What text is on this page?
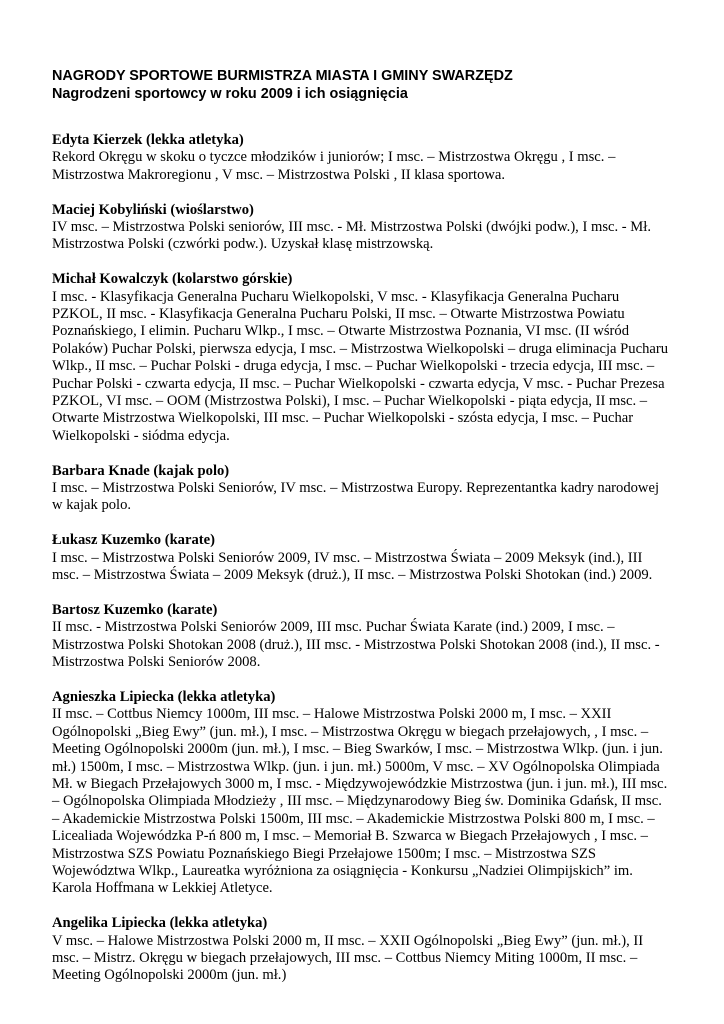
NAGRODY SPORTOWE BURMISTRZA MIASTA I GMINY SWARZĘDZ
Nagrodzeni sportowcy w roku 2009 i ich osiągnięcia
Edyta Kierzek (lekka atletyka)
Rekord Okręgu w skoku o tyczce młodzików i juniorów; I msc. – Mistrzostwa Okręgu , I msc. –
Mistrzostwa Makroregionu , V msc. – Mistrzostwa Polski , II klasa sportowa.
Maciej Kobyliński (wioślarstwo)
IV msc. – Mistrzostwa Polski seniorów, III msc. - Mł. Mistrzostwa Polski (dwójki podw.), I msc. - Mł.
Mistrzostwa Polski (czwórki podw.). Uzyskał klasę mistrzowską.
Michał Kowalczyk (kolarstwo górskie)
I msc. - Klasyfikacja Generalna Pucharu Wielkopolski, V msc. - Klasyfikacja Generalna Pucharu
PZKOL, II msc. - Klasyfikacja Generalna Pucharu Polski, II msc. – Otwarte Mistrzostwa Powiatu
Poznańskiego, I elimin. Pucharu Wlkp., I msc. – Otwarte Mistrzostwa Poznania, VI msc. (II wśród
Polaków) Puchar Polski, pierwsza edycja, I msc. – Mistrzostwa Wielkopolski – druga eliminacja Pucharu
Wlkp., II msc. – Puchar Polski - druga edycja, I msc. – Puchar Wielkopolski - trzecia edycja, III msc. –
Puchar Polski - czwarta edycja, II msc. – Puchar Wielkopolski - czwarta edycja, V msc. - Puchar Prezesa
PZKOL, VI msc. – OOM (Mistrzostwa Polski), I msc. – Puchar Wielkopolski - piąta edycja, II msc. –
Otwarte Mistrzostwa Wielkopolski, III msc. – Puchar Wielkopolski - szósta edycja, I msc. – Puchar
Wielkopolski - siódma edycja.
Barbara Knade (kajak polo)
I msc. – Mistrzostwa Polski Seniorów, IV msc. – Mistrzostwa Europy. Reprezentantka kadry narodowej
w kajak polo.
Łukasz Kuzemko (karate)
I msc. – Mistrzostwa Polski Seniorów 2009, IV msc. – Mistrzostwa Świata – 2009 Meksyk (ind.), III
msc. – Mistrzostwa Świata – 2009 Meksyk (druż.), II msc. – Mistrzostwa Polski Shotokan (ind.) 2009.
Bartosz Kuzemko (karate)
II msc. - Mistrzostwa Polski Seniorów 2009, III msc. Puchar Świata Karate (ind.) 2009, I msc. –
Mistrzostwa Polski Shotokan 2008 (druż.), III msc. - Mistrzostwa Polski Shotokan 2008 (ind.), II msc. -
Mistrzostwa Polski Seniorów 2008.
Agnieszka Lipiecka (lekka atletyka)
II msc. – Cottbus Niemcy 1000m, III msc. – Halowe Mistrzostwa Polski 2000 m, I msc. – XXII
Ogólnopolski „Bieg Ewy” (jun. mł.), I msc. – Mistrzostwa Okręgu w biegach przełajowych, , I msc. –
Meeting Ogólnopolski 2000m (jun. mł.), I msc. – Bieg Swarków, I msc. – Mistrzostwa Wlkp. (jun. i jun.
mł.) 1500m, I msc. – Mistrzostwa Wlkp. (jun. i jun. mł.) 5000m, V msc. – XV Ogólnopolska Olimpiada
Mł. w Biegach Przełajowych 3000 m, I msc. - Międzywojewódzkie Mistrzostwa (jun. i jun. mł.), III msc.
– Ogólnopolska Olimpiada Młodzieży , III msc. – Międzynarodowy Bieg św. Dominika Gdańsk, II msc.
– Akademickie Mistrzostwa Polski 1500m, III msc. – Akademickie Mistrzostwa Polski 800 m, I msc. –
Licealiada Wojewódzka P-ń 800 m, I msc. – Memoriał B. Szwarca w Biegach Przełajowych , I msc. –
Mistrzostwa SZS Powiatu Poznańskiego Biegi Przełajowe 1500m; I msc. – Mistrzostwa SZS
Województwa Wlkp., Laureatka wyróżniona za osiągnięcia - Konkursu „Nadziei Olimpijskich” im.
Karola Hoffmana w Lekkiej Atletyce.
Angelika Lipiecka (lekka atletyka)
V msc. – Halowe Mistrzostwa Polski 2000 m, II msc. – XXII Ogólnopolski „Bieg Ewy” (jun. mł.), II
msc. – Mistrz. Okręgu w biegach przełajowych, III msc. – Cottbus Niemcy Miting 1000m, II msc. –
Meeting Ogólnopolski 2000m (jun. mł.)
